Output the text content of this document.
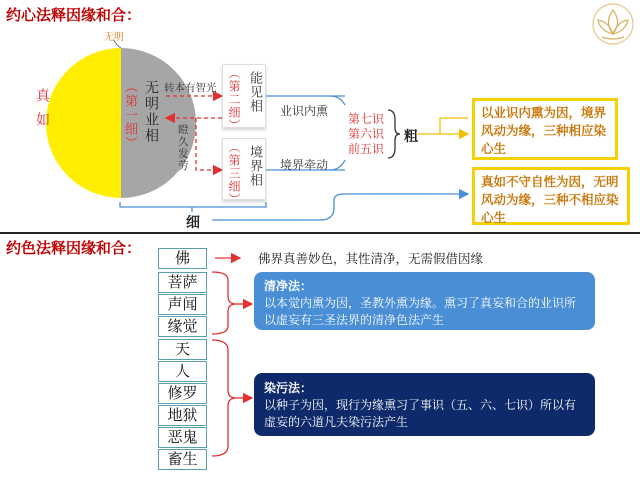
约心法释因缘和合：
无明
真如	无明业相
（第一细）	转本有智光
瞪久发劳
能见相
（第二细）
境界相
（第三细）
业识内熏
境界牵动
第七识
第六识
前五识
粗
细
以业识内熏为因，境界风动为缘，三种相应染心生
真如不守自性为因，无明风动为缘，三种不相应染心生
约色法释因缘和合：
佛
菩萨
声闻
缘觉
天
人
修罗
地狱
恶鬼
畜生
佛界真善妙色，其性清净，无需假借因缘
清净法：
以本觉内熏为因，圣教外熏为缘。熏习了真妄和合的业识所以虚妄有三圣法界的清净色法产生
染污法：
以种子为因，现行为缘熏习了事识（五、六、七识）所以有虚妄的六道凡夫染污法产生
